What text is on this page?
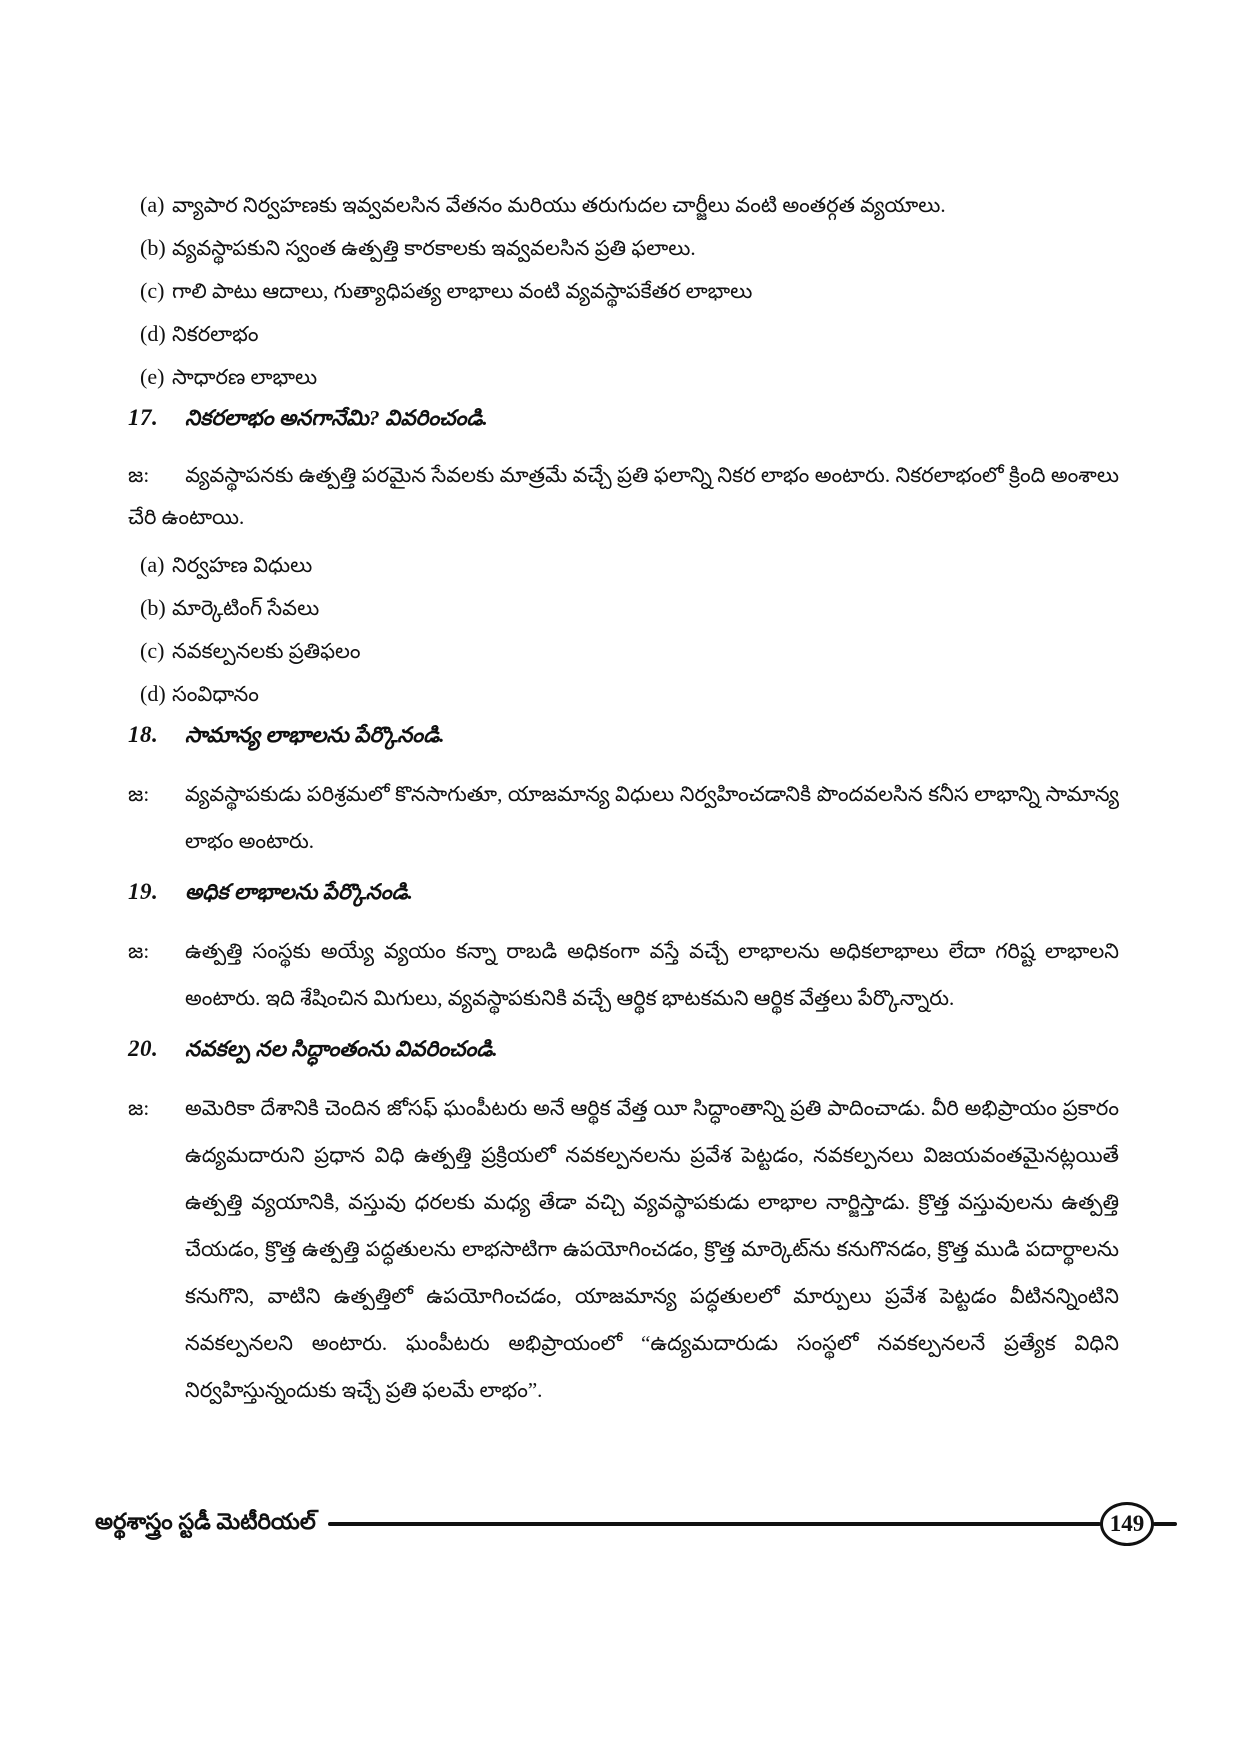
(a) వ్యాపార నిర్వహణకు ఇవ్వవలసిన వేతనం మరియు తరుగుదల చార్జీలు వంటి అంతర్గత వ్యయాలు.
(b) వ్యవస్థాపకుని స్వంత ఉత్పత్తి కారకాలకు ఇవ్వవలసిన ప్రతి ఫలాలు.
(c) గాలి పాటు ఆదాలు, గుత్యాధిపత్య లాభాలు వంటి వ్యవస్థాపకేతర లాభాలు
(d) నికరలాభం
(e) సాధారణ లాభాలు
17.	నికరలాభం అనగానేమి? వివరించండి.

జ: వ్యవస్థాపనకు ఉత్పత్తి పరమైన సేవలకు మాత్రమే వచ్చే ప్రతి ఫలాన్ని నికర లాభం అంటారు. నికరలాభంలో క్రింది అంశాలు చేరి ఉంటాయి.

(a) నిర్వహణ విధులు
(b) మార్కెటింగ్ సేవలు
(c) నవకల్పనలకు ప్రతిఫలం
(d) సంవిధానం
18.	సామాన్య లాభాలను పేర్కొనండి.
జ:	వ్యవస్థాపకుడు పరిశ్రమలో కొనసాగుతూ, యాజమాన్య విధులు నిర్వహించడానికి పొందవలసిన కనీస లాభాన్ని సామాన్య లాభం అంటారు.
19.	అధిక లాభాలను పేర్కొనండి.
జ:	ఉత్పత్తి సంస్థకు అయ్యే వ్యయం కన్నా రాబడి అధికంగా వస్తే వచ్చే లాభాలను అధికలాభాలు లేదా గరిష్ట లాభాలని అంటారు. ఇది శేషించిన మిగులు, వ్యవస్థాపకునికి వచ్చే ఆర్థిక భాటకమని ఆర్థిక వేత్తలు పేర్కొన్నారు.
20.	నవకల్ప నల సిద్ధాంతంను వివరించండి.
జ:	అమెరికా దేశానికి చెందిన జోసఫ్ ఘంపీటరు అనే ఆర్థిక వేత్త యీ సిద్ధాంతాన్ని ప్రతి పాదించాడు. వీరి అభిప్రాయం ప్రకారం ఉద్యమదారుని ప్రధాన విధి ఉత్పత్తి ప్రక్రియలో నవకల్పనలను ప్రవేశ పెట్టడం, నవకల్పనలు విజయవంతమైనట్లయితే ఉత్పత్తి వ్యయానికి, వస్తువు ధరలకు మధ్య తేడా వచ్చి వ్యవస్థాపకుడు లాభాల నార్జిస్తాడు. క్రొత్త వస్తువులను ఉత్పత్తి చేయడం, క్రొత్త ఉత్పత్తి పద్ధతులను లాభసాటిగా ఉపయోగించడం, క్రొత్త మార్కెట్‌ను కనుగొనడం, క్రొత్త ముడి పదార్థాలను కనుగొని, వాటిని ఉత్పత్తిలో ఉపయోగించడం, యాజమాన్య పద్ధతులలో మార్పులు ప్రవేశ పెట్టడం వీటినన్నింటిని నవకల్పనలని అంటారు. ఘంపీటరు అభిప్రాయంలో “ఉద్యమదారుడు సంస్థలో నవకల్పనలనే ప్రత్యేక విధిని నిర్వహిస్తున్నందుకు ఇచ్చే ప్రతి ఫలమే లాభం”.
అర్థశాస్త్రం స్టడీ మెటీరియల్	149
